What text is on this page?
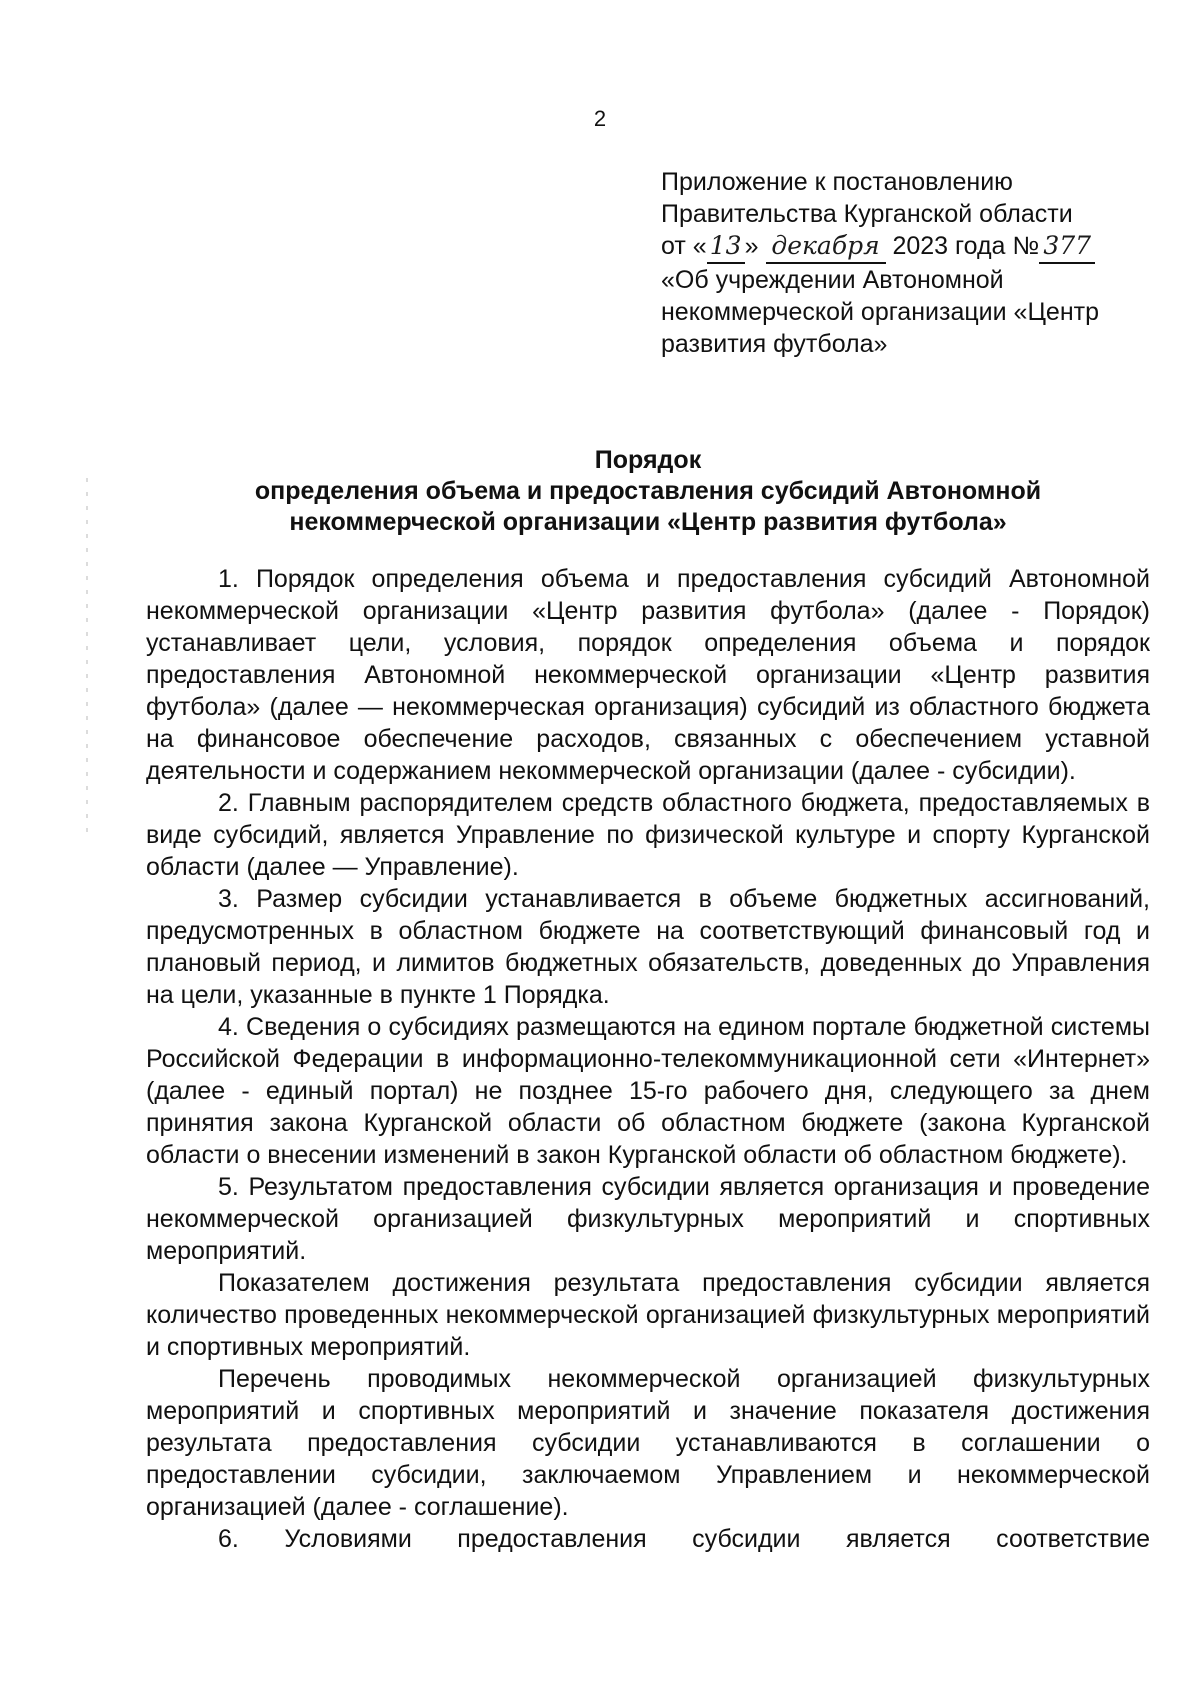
2
Приложение к постановлению
Правительства Курганской области
от « 13 » декабря 2023 года № 377
«Об учреждении Автономной
некоммерческой организации «Центр
развития футбола»
Порядок
определения объема и предоставления субсидий Автономной
некоммерческой организации «Центр развития футбола»

1. Порядок определения объема и предоставления субсидий Автономной некоммерческой организации «Центр развития футбола» (далее - Порядок) устанавливает цели, условия, порядок определения объема и порядок предоставления Автономной некоммерческой организации «Центр развития футбола» (далее — некоммерческая организация) субсидий из областного бюджета на финансовое обеспечение расходов, связанных с обеспечением уставной деятельности и содержанием некоммерческой организации (далее - субсидии).

2. Главным распорядителем средств областного бюджета, предоставляемых в виде субсидий, является Управление по физической культуре и спорту Курганской области (далее — Управление).

3. Размер субсидии устанавливается в объеме бюджетных ассигнований, предусмотренных в областном бюджете на соответствующий финансовый год и плановый период, и лимитов бюджетных обязательств, доведенных до Управления на цели, указанные в пункте 1 Порядка.

4. Сведения о субсидиях размещаются на едином портале бюджетной системы Российской Федерации в информационно-телекоммуникационной сети «Интернет» (далее - единый портал) не позднее 15-го рабочего дня, следующего за днем принятия закона Курганской области об областном бюджете (закона Курганской области о внесении изменений в закон Курганской области об областном бюджете).

5. Результатом предоставления субсидии является организация и проведение некоммерческой организацией физкультурных мероприятий и спортивных мероприятий.

Показателем достижения результата предоставления субсидии является количество проведенных некоммерческой организацией физкультурных мероприятий и спортивных мероприятий.

Перечень проводимых некоммерческой организацией физкультурных мероприятий и спортивных мероприятий и значение показателя достижения результата предоставления субсидии устанавливаются в соглашении о предоставлении субсидии, заключаемом Управлением и некоммерческой организацией (далее - соглашение).

6. Условиями предоставления субсидии является соответствие
